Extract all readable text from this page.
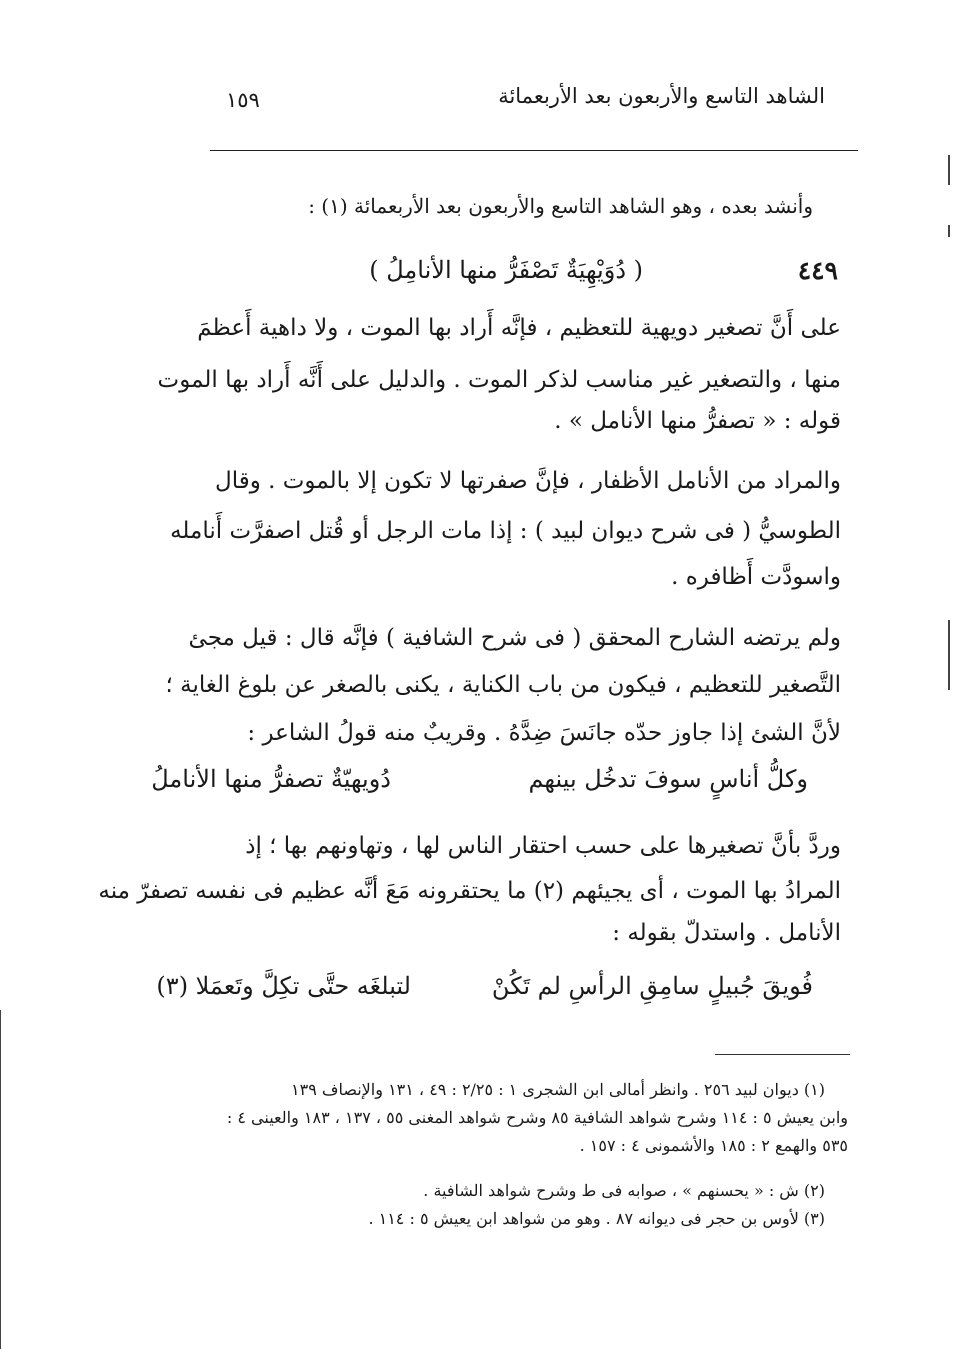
الشاهد التاسع والأربعون بعد الأربعمائة
١٥٩
وأنشد بعده ، وهو الشاهد التاسع والأربعون بعد الأربعمائة (١) :
٤٤٩
( دُوَيْهِيَةٌ تَصْفَرُّ منها الأنامِلُ )
على أَنَّ تصغير دويهية للتعظيم ، فإنَّه أَراد بها الموت ، ولا داهية أَعظمَ
منها ، والتصغير غير مناسب لذكر الموت . والدليل على أَنَّه أَراد بها الموت
قوله : « تصفرُّ منها الأنامل » .
والمراد من الأنامل الأظفار ، فإنَّ صفرتها لا تكون إلا بالموت . وقال
الطوسيُّ ( فى شرح ديوان لبيد ) : إذا مات الرجل أو قُتل اصفرَّت أَنامله
واسودَّت أَظافره .
ولم يرتضه الشارح المحقق ( فى شرح الشافية ) فإنَّه قال : قيل مجئ
التَّصغير للتعظيم ، فيكون من باب الكناية ، يكنى بالصغر عن بلوغ الغاية ؛
لأنَّ الشئ إذا جاوز حدّه جانَسَ ضِدَّهُ . وقريبٌ منه قولُ الشاعر :
وكلُّ أناسٍ سوفَ تدخُل بينهم
دُويهيّةٌ تصفرُّ منها الأناملُ
وردَّ بأنَّ تصغيرها على حسب احتقار الناس لها ، وتهاونهم بها ؛ إذ
المرادُ بها الموت ، أى يجيئهم (٢) ما يحتقرونه مَعَ أنَّه عظيم فى نفسه تصفرّ منه
الأنامل . واستدلّ بقوله :
فُويقَ جُبيلٍ سامِقِ الرأسِ لم تَكُنْ
لتبلغَه حتَّى تكِلَّ وتَعمَلا (٣)
(١) ديوان لبيد ٢٥٦ . وانظر أمالى ابن الشجرى ١ : ٢/٢٥ : ٤٩ ، ١٣١ والإنصاف ١٣٩
وابن يعيش ٥ : ١١٤ وشرح شواهد الشافية ٨٥ وشرح شواهد المغنى ٥٥ ، ١٣٧ ، ١٨٣ والعينى ٤ :
٥٣٥ والهمع ٢ : ١٨٥ والأشمونى ٤ : ١٥٧ .
(٢) ش : « يحسنهم » ، صوابه فى ط وشرح شواهد الشافية .
(٣) لأوس بن حجر فى ديوانه ٨٧ . وهو من شواهد ابن يعيش ٥ : ١١٤ .
